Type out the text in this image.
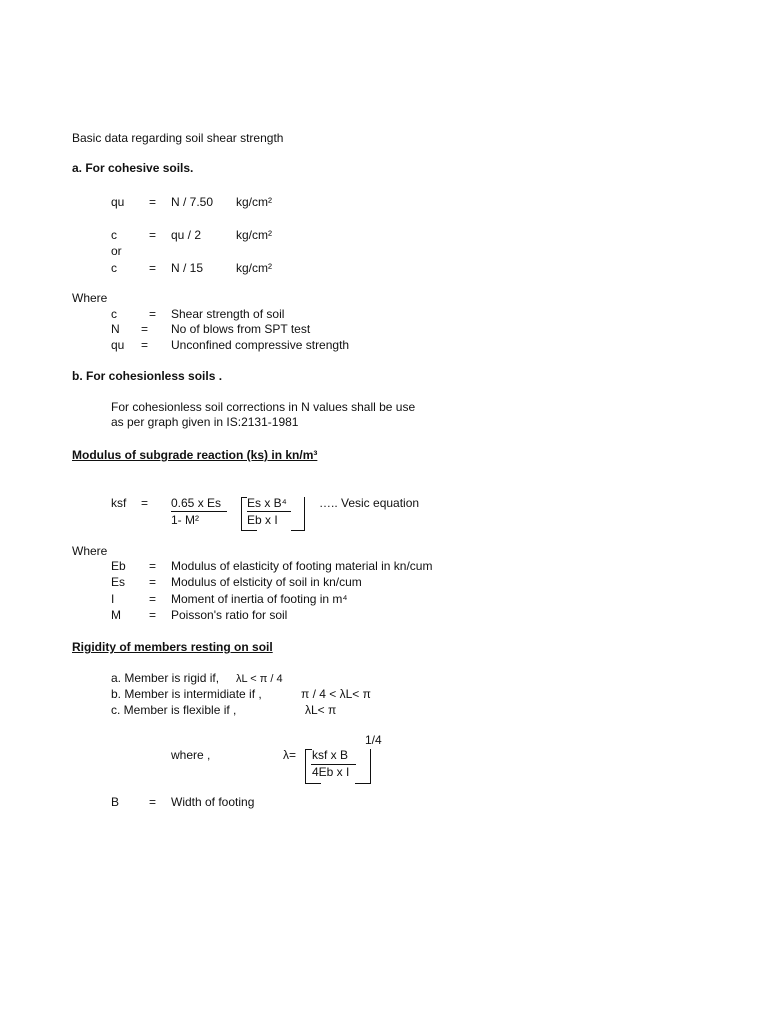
Basic data regarding soil shear strength
a. For cohesive soils.
qu = N / 7.50 kg/cm²
c	= qu / 2	kg/cm²
or
c	= N / 15	kg/cm²
Where
c	= Shear strength of soil
N = No of blows from SPT test
qu = Unconfined compressive strength
b. For cohesionless soils .
For cohesionless soil corrections in N values shall be use
as per graph given in IS:2131-1981
Modulus of subgrade reaction (ks) in kn/m³
ksf = 0.65 x Es
1- M²
Es x B⁴
Eb x I
….. Vesic equation
Where
Eb = Modulus of elasticity of footing material in kn/cum
Es = Modulus of elsticity of soil in kn/cum
I	= Moment of inertia of footing in m⁴
M = Poisson's ratio for soil
Rigidity of members resting on soil
a. Member is rigid if, λL < π / 4
b. Member is intermidiate if ,	π / 4 < λL< π
c. Member is flexible if ,	λL< π
1/4
where ,	λ= ksf x B
4Eb x I
B = Width of footing
